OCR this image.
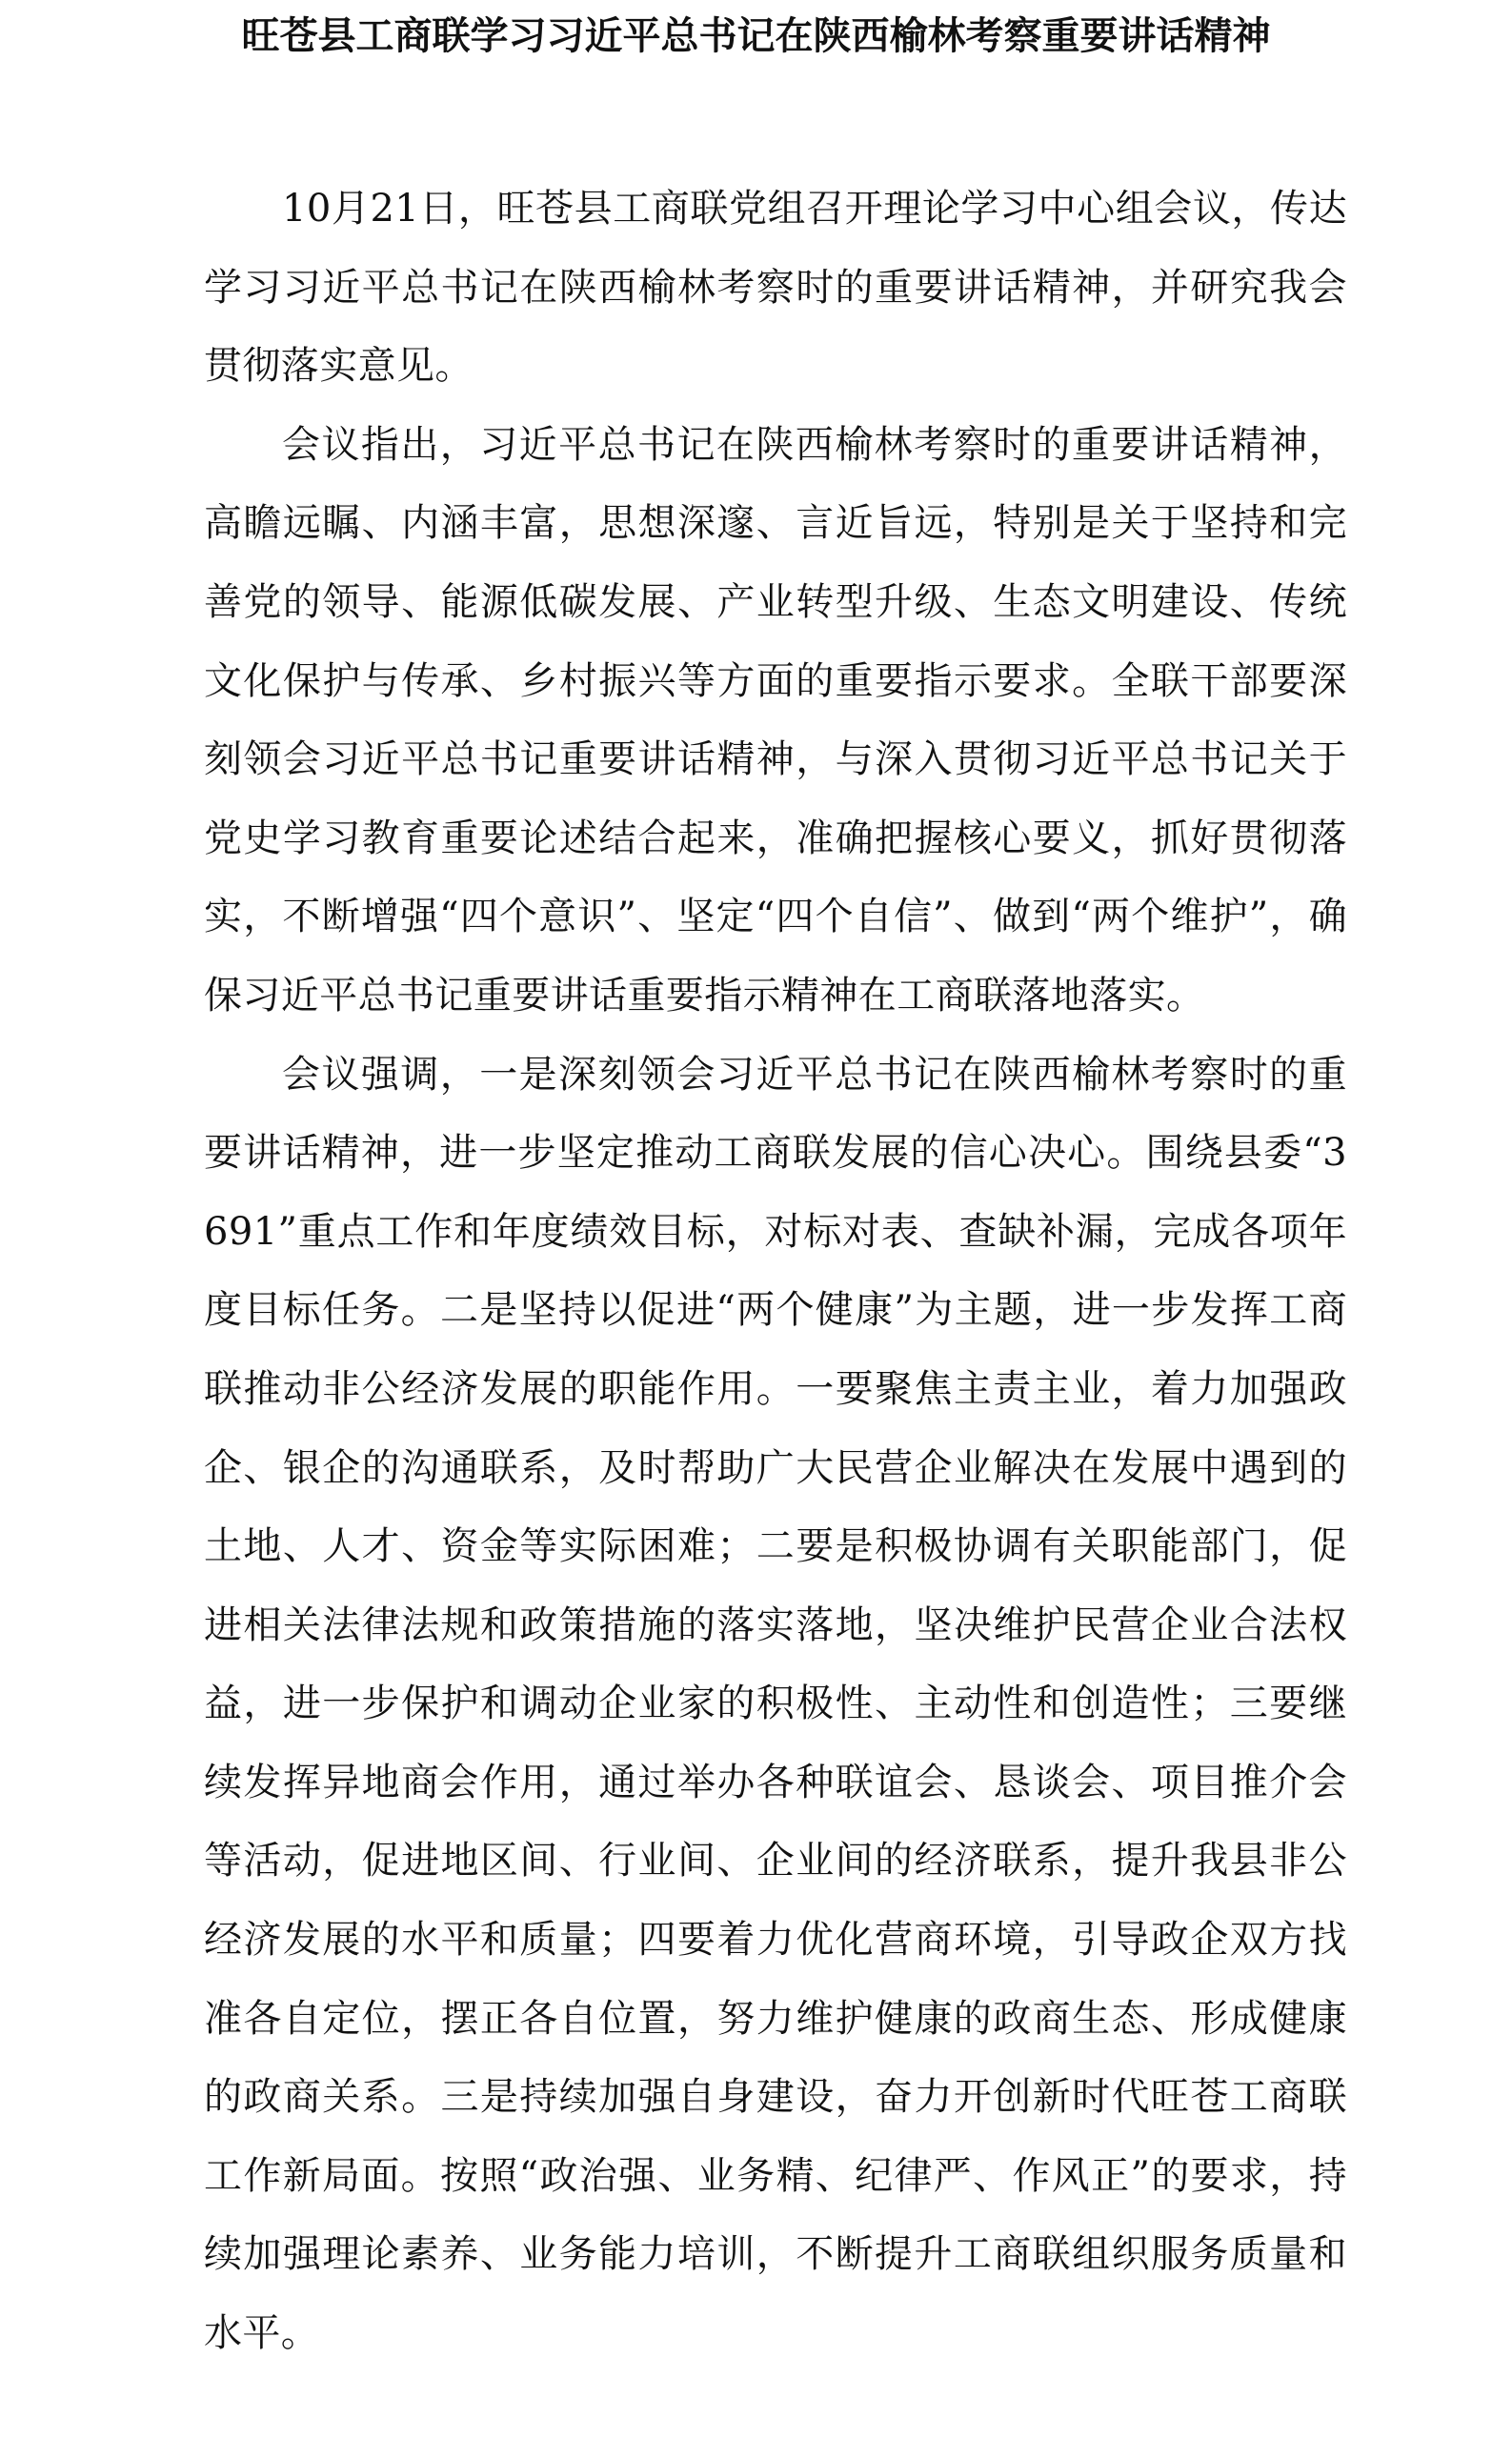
旺苍县工商联学习习近平总书记在陕西榆林考察重要讲话精神

10月21日，旺苍县工商联党组召开理论学习中心组会议，传达学习习近平总书记在陕西榆林考察时的重要讲话精神，并研究我会贯彻落实意见。

会议指出，习近平总书记在陕西榆林考察时的重要讲话精神，高瞻远瞩、内涵丰富，思想深邃、言近旨远，特别是关于坚持和完善党的领导、能源低碳发展、产业转型升级、生态文明建设、传统文化保护与传承、乡村振兴等方面的重要指示要求。全联干部要深刻领会习近平总书记重要讲话精神，与深入贯彻习近平总书记关于党史学习教育重要论述结合起来，准确把握核心要义，抓好贯彻落实，不断增强“四个意识”、坚定“四个自信”、做到“两个维护”，确保习近平总书记重要讲话重要指示精神在工商联落地落实。

会议强调，一是深刻领会习近平总书记在陕西榆林考察时的重要讲话精神，进一步坚定推动工商联发展的信心决心。围绕县委“3691”重点工作和年度绩效目标，对标对表、查缺补漏，完成各项年度目标任务。二是坚持以促进“两个健康”为主题，进一步发挥工商联推动非公经济发展的职能作用。一要聚焦主责主业，着力加强政企、银企的沟通联系，及时帮助广大民营企业解决在发展中遇到的土地、人才、资金等实际困难；二要是积极协调有关职能部门，促进相关法律法规和政策措施的落实落地，坚决维护民营企业合法权益，进一步保护和调动企业家的积极性、主动性和创造性；三要继续发挥异地商会作用，通过举办各种联谊会、恳谈会、项目推介会等活动，促进地区间、行业间、企业间的经济联系，提升我县非公经济发展的水平和质量；四要着力优化营商环境，引导政企双方找准各自定位，摆正各自位置，努力维护健康的政商生态、形成健康的政商关系。三是持续加强自身建设，奋力开创新时代旺苍工商联工作新局面。按照“政治强、业务精、纪律严、作风正”的要求，持续加强理论素养、业务能力培训，不断提升工商联组织服务质量和水平。
